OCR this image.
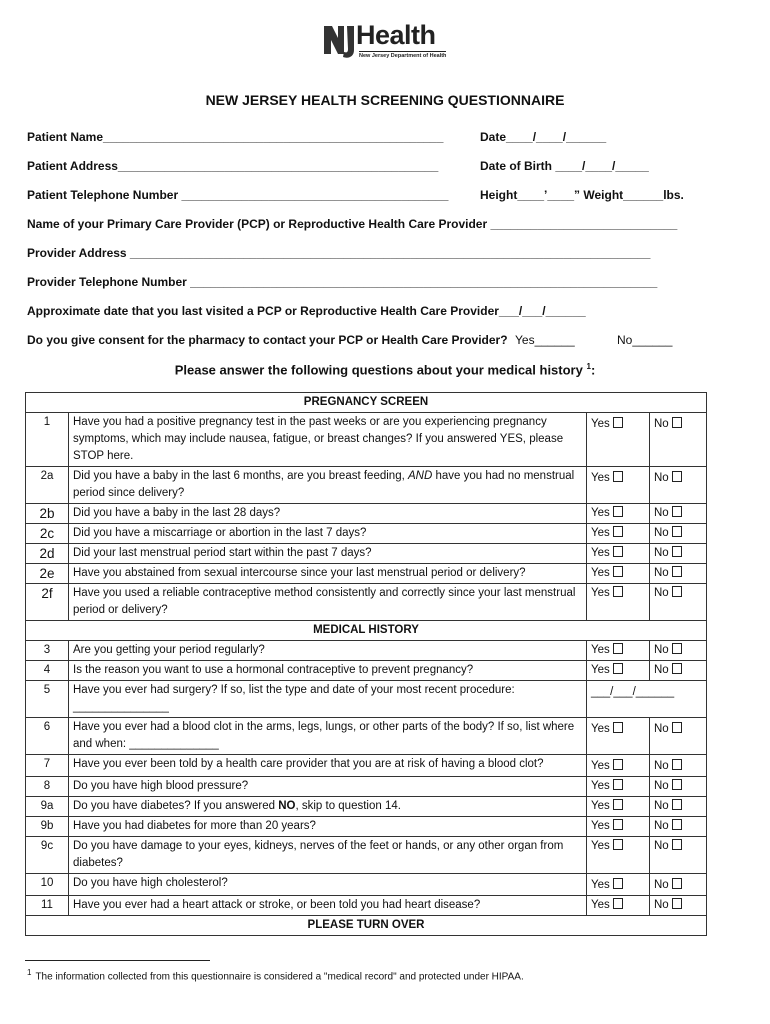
Health
New Jersey Department of Health
NEW JERSEY HEALTH SCREENING QUESTIONNAIRE
Patient Name___________________________________________________	Date____/____/______
Patient Address________________________________________________	Date of Birth ____/____/_____
Patient Telephone Number ________________________________________	Height____’____” Weight______lbs.
Name of your Primary Care Provider (PCP) or Reproductive Health Care Provider ____________________________
Provider Address ______________________________________________________________________________
Provider Telephone Number ______________________________________________________________________
Approximate date that you last visited a PCP or Reproductive Health Care Provider___/___/______
Do you give consent for the pharmacy to contact your PCP or Health Care Provider? Yes______	No______
Please answer the following questions about your medical history $^1$:
PREGNANCY SCREEN			
1	Have you had a positive pregnancy test in the past weeks or are you experiencing pregnancy symptoms, which may include nausea, fatigue, or breast changes? If you answered YES, please STOP here.	Yes	No
2a	Did you have a baby in the last 6 months, are you breast feeding, AND have you had no menstrual period since delivery?	Yes	No
2b	Did you have a baby in the last 28 days?	Yes	No
2c	Did you have a miscarriage or abortion in the last 7 days?	Yes	No
2d	Did your last menstrual period start within the past 7 days?	Yes	No
2e	Have you abstained from sexual intercourse since your last menstrual period or delivery?	Yes	No
2f	Have you used a reliable contraceptive method consistently and correctly since your last menstrual period or delivery?	Yes	No
MEDICAL HISTORY			
3	Are you getting your period regularly?	Yes	No
4	Is the reason you want to use a hormonal contraceptive to prevent pregnancy?	Yes	No
5	Have you ever had surgery? If so, list the type and date of your most recent procedure: _______________	___/___/______	
6	Have you ever had a blood clot in the arms, legs, lungs, or other parts of the body? If so, list where and when: ______________	Yes	No
7	Have you ever been told by a health care provider that you are at risk of having a blood clot?	Yes	No
8	Do you have high blood pressure?	Yes	No
9a	Do you have diabetes? If you answered NO, skip to question 14.	Yes	No
9b	Have you had diabetes for more than 20 years?	Yes	No
9c	Do you have damage to your eyes, kidneys, nerves of the feet or hands, or any other organ from diabetes?	Yes	No
10	Do you have high cholesterol?	Yes	No
11	Have you ever had a heart attack or stroke, or been told you had heart disease?	Yes	No
PLEASE TURN OVER			
$^1$ The information collected from this questionnaire is considered a "medical record" and protected under HIPAA.
